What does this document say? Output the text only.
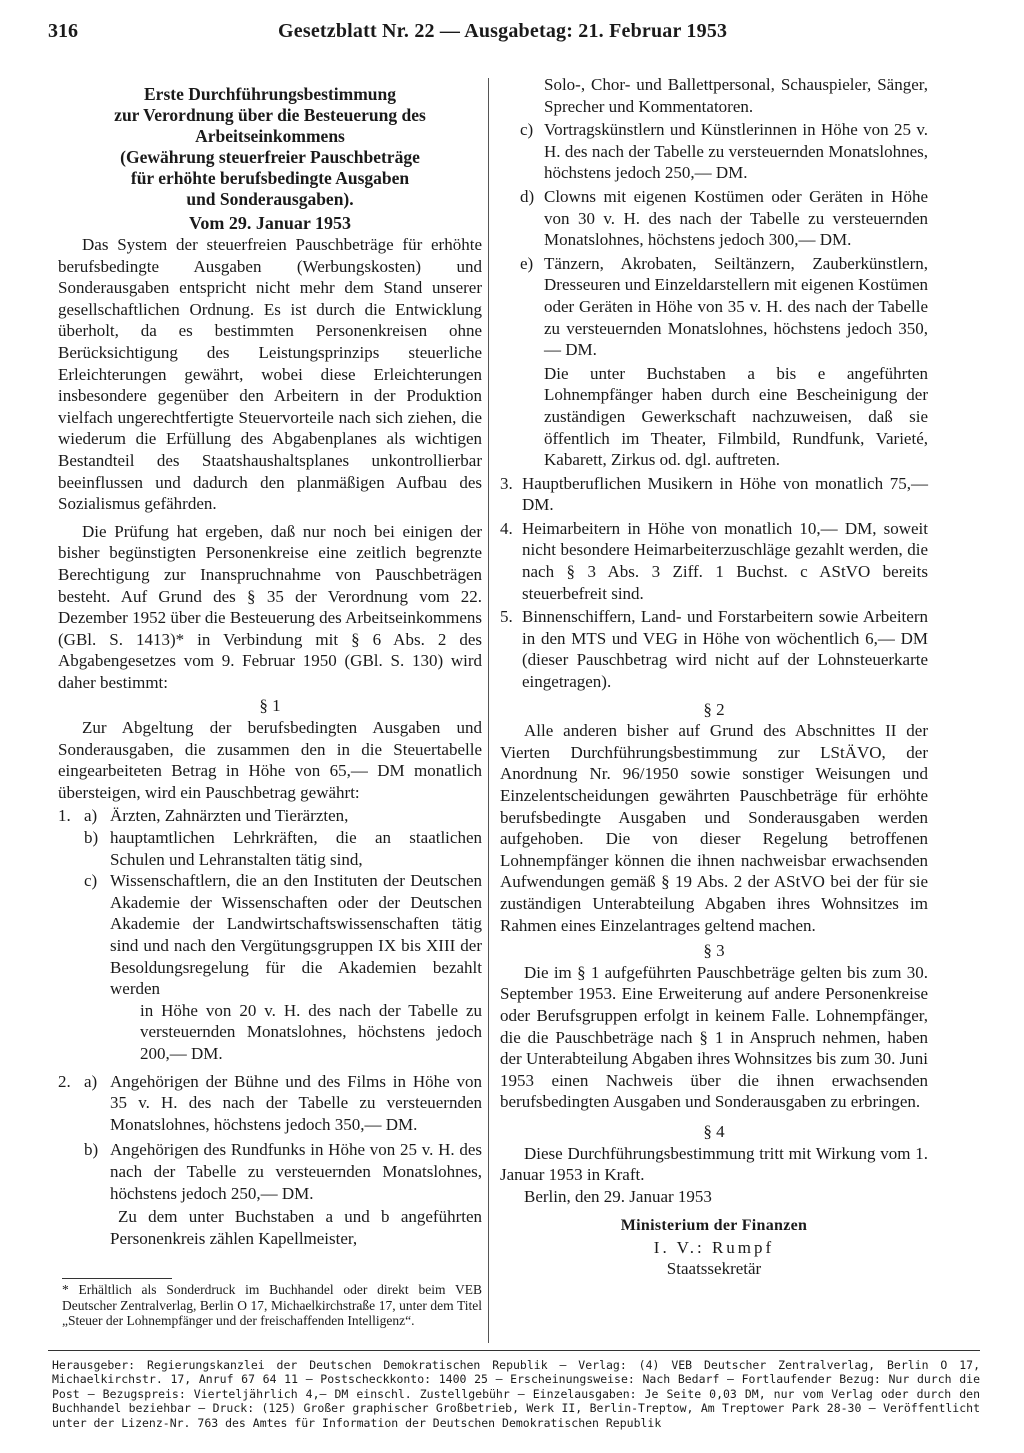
316	Gesetzblatt Nr. 22 — Ausgabetag: 21. Februar 1953
Erste Durchführungsbestimmung
zur Verordnung über die Besteuerung des
Arbeitseinkommens
(Gewährung steuerfreier Pauschbeträge
für erhöhte berufsbedingte Ausgaben
und Sonderausgaben).
Vom 29. Januar 1953

Das System der steuerfreien Pauschbeträge für erhöhte berufsbedingte Ausgaben (Werbungskosten) und Sonderausgaben entspricht nicht mehr dem Stand unserer gesellschaftlichen Ordnung. Es ist durch die Entwicklung überholt, da es bestimmten Personenkreisen ohne Berücksichtigung des Leistungsprinzips steuerliche Erleichterungen gewährt, wobei diese Erleichterungen insbesondere gegenüber den Arbeitern in der Produktion vielfach ungerechtfertigte Steuervorteile nach sich ziehen, die wiederum die Erfüllung des Abgabenplanes als wichtigen Bestandteil des Staatshaushaltsplanes unkontrollierbar beeinflussen und dadurch den planmäßigen Aufbau des Sozialismus gefährden.

Die Prüfung hat ergeben, daß nur noch bei einigen der bisher begünstigten Personenkreise eine zeitlich begrenzte Berechtigung zur Inanspruchnahme von Pauschbeträgen besteht. Auf Grund des § 35 der Verordnung vom 22. Dezember 1952 über die Besteuerung des Arbeitseinkommens (GBl. S. 1413)* in Verbindung mit § 6 Abs. 2 des Abgabengesetzes vom 9. Februar 1950 (GBl. S. 130) wird daher bestimmt:

§ 1

Zur Abgeltung der berufsbedingten Ausgaben und Sonderausgaben, die zusammen den in die Steuertabelle eingearbeiteten Betrag in Höhe von 65,— DM monatlich übersteigen, wird ein Pauschbetrag gewährt:

1. a) Ärzten, Zahnärzten und Tierärzten,
b) hauptamtlichen Lehrkräften, die an staatlichen Schulen und Lehranstalten tätig sind,
c) Wissenschaftlern, die an den Instituten der Deutschen Akademie der Wissenschaften oder der Deutschen Akademie der Landwirtschaftswissenschaften tätig sind und nach den Vergütungsgruppen IX bis XIII der Besoldungsregelung für die Akademien bezahlt werden
in Höhe von 20 v. H. des nach der Tabelle zu versteuernden Monatslohnes, höchstens jedoch 200,— DM.
2. a) Angehörigen der Bühne und des Films in Höhe von 35 v. H. des nach der Tabelle zu versteuernden Monatslohnes, höchstens jedoch 350,— DM.
b) Angehörigen des Rundfunks in Höhe von 25 v. H. des nach der Tabelle zu versteuernden Monatslohnes, höchstens jedoch 250,— DM.
Zu dem unter Buchstaben a und b angeführten Personenkreis zählen Kapellmeister,
* Erhältlich als Sonderdruck im Buchhandel oder direkt beim VEB Deutscher Zentralverlag, Berlin O 17, Michaelkirchstraße 17, unter dem Titel „Steuer der Lohnempfänger und der freischaffenden Intelligenz“.
Solo-, Chor- und Ballettpersonal, Schauspieler, Sänger, Sprecher und Kommentatoren.
c) Vortragskünstlern und Künstlerinnen in Höhe von 25 v. H. des nach der Tabelle zu versteuernden Monatslohnes, höchstens jedoch 250,— DM.
d) Clowns mit eigenen Kostümen oder Geräten in Höhe von 30 v. H. des nach der Tabelle zu versteuernden Monatslohnes, höchstens jedoch 300,— DM.
e) Tänzern, Akrobaten, Seiltänzern, Zauberkünstlern, Dresseuren und Einzeldarstellern mit eigenen Kostümen oder Geräten in Höhe von 35 v. H. des nach der Tabelle zu versteuernden Monatslohnes, höchstens jedoch 350,— DM.
Die unter Buchstaben a bis e angeführten Lohnempfänger haben durch eine Bescheinigung der zuständigen Gewerkschaft nachzuweisen, daß sie öffentlich im Theater, Filmbild, Rundfunk, Varieté, Kabarett, Zirkus od. dgl. auftreten.
3. Hauptberuflichen Musikern in Höhe von monatlich 75,— DM.
4. Heimarbeitern in Höhe von monatlich 10,— DM, soweit nicht besondere Heimarbeiterzuschläge gezahlt werden, die nach § 3 Abs. 3 Ziff. 1 Buchst. c AStVO bereits steuerbefreit sind.
5. Binnenschiffern, Land- und Forstarbeitern sowie Arbeitern in den MTS und VEG in Höhe von wöchentlich 6,— DM (dieser Pauschbetrag wird nicht auf der Lohnsteuerkarte eingetragen).
§ 2

Alle anderen bisher auf Grund des Abschnittes II der Vierten Durchführungsbestimmung zur LStÄVO, der Anordnung Nr. 96/1950 sowie sonstiger Weisungen und Einzelentscheidungen gewährten Pauschbeträge für erhöhte berufsbedingte Ausgaben und Sonderausgaben werden aufgehoben. Die von dieser Regelung betroffenen Lohnempfänger können die ihnen nachweisbar erwachsenden Aufwendungen gemäß § 19 Abs. 2 der AStVO bei der für sie zuständigen Unterabteilung Abgaben ihres Wohnsitzes im Rahmen eines Einzelantrages geltend machen.

§ 3

Die im § 1 aufgeführten Pauschbeträge gelten bis zum 30. September 1953. Eine Erweiterung auf andere Personenkreise oder Berufsgruppen erfolgt in keinem Falle. Lohnempfänger, die die Pauschbeträge nach § 1 in Anspruch nehmen, haben der Unterabteilung Abgaben ihres Wohnsitzes bis zum 30. Juni 1953 einen Nachweis über die ihnen erwachsenden berufsbedingten Ausgaben und Sonderausgaben zu erbringen.

§ 4

Diese Durchführungsbestimmung tritt mit Wirkung vom 1. Januar 1953 in Kraft.

Berlin, den 29. Januar 1953

Ministerium der Finanzen
I. V.: Rumpf
Staatssekretär
Herausgeber: Regierungskanzlei der Deutschen Demokratischen Republik — Verlag: (4) VEB Deutscher Zentralverlag, Berlin O 17, Michaelkirchstr. 17, Anruf 67 64 11 — Postscheckkonto: 1400 25 — Erscheinungsweise: Nach Bedarf — Fortlaufender Bezug: Nur durch die Post — Bezugspreis: Vierteljährlich 4,— DM einschl. Zustellgebühr — Einzelausgaben: Je Seite 0,03 DM, nur vom Verlag oder durch den Buchhandel beziehbar — Druck: (125) Großer graphischer Großbetrieb, Werk II, Berlin-Treptow, Am Treptower Park 28-30 — Veröffentlicht unter der Lizenz-Nr. 763 des Amtes für Information der Deutschen Demokratischen Republik
